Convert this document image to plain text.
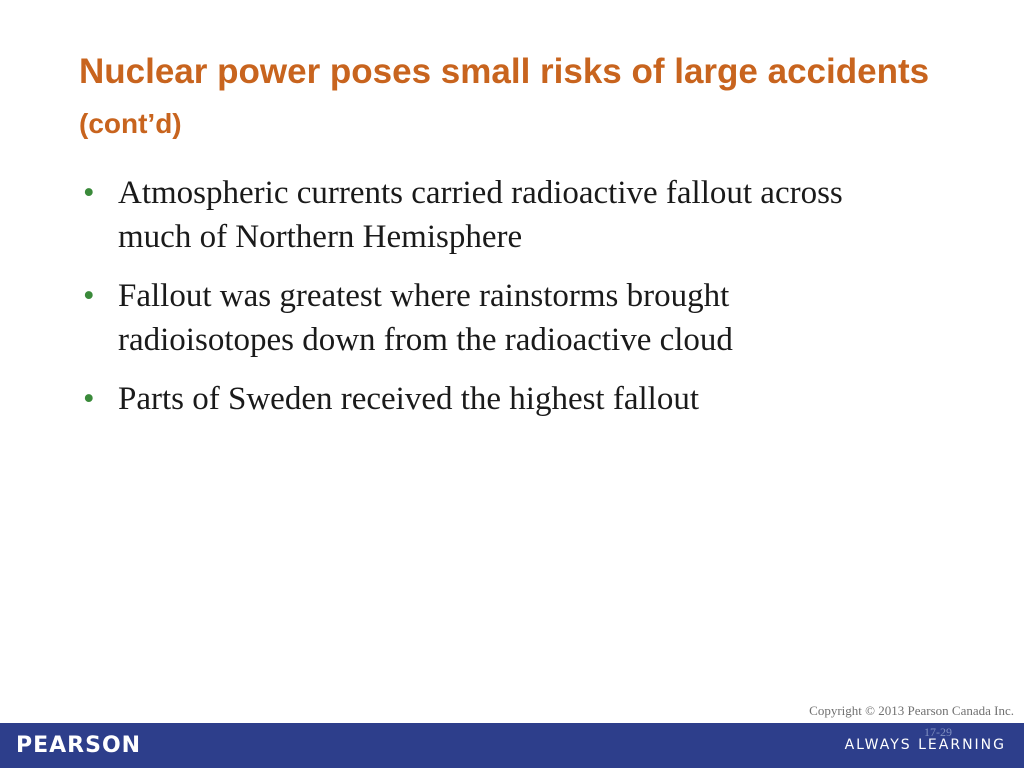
Nuclear power poses small risks of large accidents (cont’d)
• Atmospheric currents carried radioactive fallout across much of Northern Hemisphere
• Fallout was greatest where rainstorms brought radioisotopes down from the radioactive cloud
• Parts of Sweden received the highest fallout
Copyright © 2013 Pearson Canada Inc.
PEARSON
17-29
ALWAYS LEARNING
